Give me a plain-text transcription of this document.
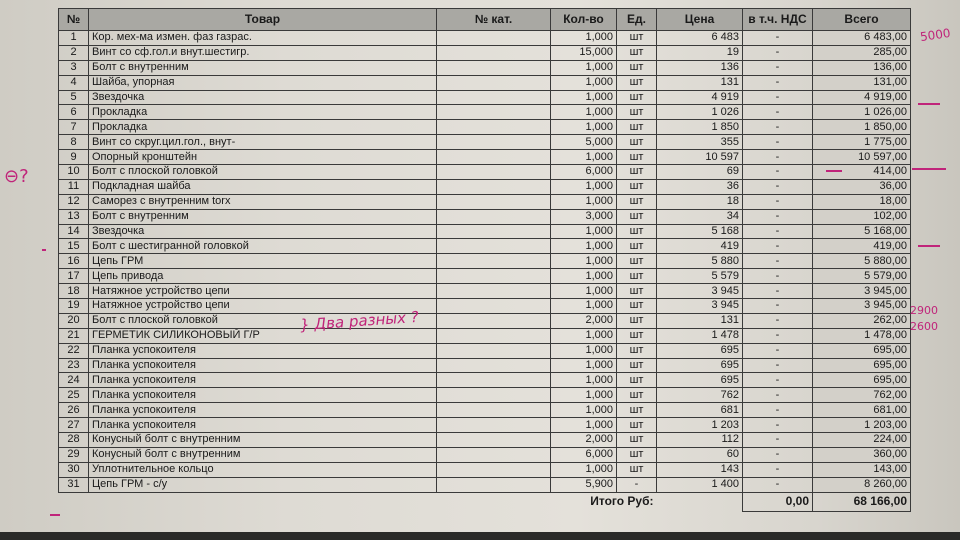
№	Товар	№ кат.	Кол-во	Ед.	Цена	в т.ч. НДС	Всего
1	Кор. мех-ма измен. фаз газрас.		1,000	шт	6 483	-	6 483,00
2	Винт со сф.гол.и внут.шестигр.		15,000	шт	19	-	285,00
3	Болт с внутренним		1,000	шт	136	-	136,00
4	Шайба, упорная		1,000	шт	131	-	131,00
5	Звездочка		1,000	шт	4 919	-	4 919,00
6	Прокладка		1,000	шт	1 026	-	1 026,00
7	Прокладка		1,000	шт	1 850	-	1 850,00
8	Винт со скруг.цил.гол., внут-		5,000	шт	355	-	1 775,00
9	Опорный кронштейн		1,000	шт	10 597	-	10 597,00
10	Болт с плоской головкой		6,000	шт	69	-	414,00
11	Подкладная шайба		1,000	шт	36	-	36,00
12	Саморез с внутренним torx		1,000	шт	18	-	18,00
13	Болт с внутренним		3,000	шт	34	-	102,00
14	Звездочка		1,000	шт	5 168	-	5 168,00
15	Болт с шестигранной головкой		1,000	шт	419	-	419,00
16	Цепь ГРМ		1,000	шт	5 880	-	5 880,00
17	Цепь привода		1,000	шт	5 579	-	5 579,00
18	Натяжное устройство цепи		1,000	шт	3 945	-	3 945,00
19	Натяжное устройство цепи		1,000	шт	3 945	-	3 945,00
20	Болт с плоской головкой		2,000	шт	131	-	262,00
21	ГЕРМЕТИК СИЛИКОНОВЫЙ Г/Р		1,000	шт	1 478	-	1 478,00
22	Планка успокоителя		1,000	шт	695	-	695,00
23	Планка успокоителя		1,000	шт	695	-	695,00
24	Планка успокоителя		1,000	шт	695	-	695,00
25	Планка успокоителя		1,000	шт	762	-	762,00
26	Планка успокоителя		1,000	шт	681	-	681,00
27	Планка успокоителя		1,000	шт	1 203	-	1 203,00
28	Конусный болт с внутренним		2,000	шт	112	-	224,00
29	Конусный болт с внутренним		6,000	шт	60	-	360,00
30	Уплотнительное кольцо		1,000	шт	143	-	143,00
31	Цепь ГРМ - с/у		5,900	-	1 400	-	8 260,00
Итого Руб:						0,00	68 166,00
5000
⊖?
} Два разных ?	2900
2600
